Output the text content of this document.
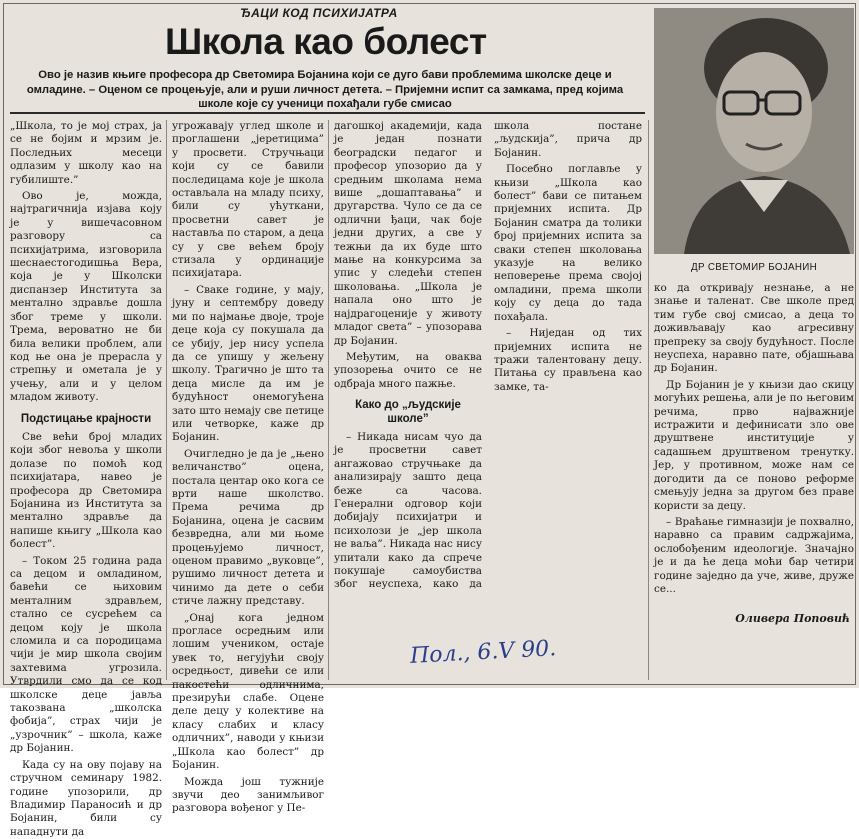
ЂАЦИ КОД ПСИХИЈАТРА
Школа као болест
Ово је назив књиге професора др Светомира Бојанина који се дуго бави проблемима школске деце и омладине. – Оценом се процењује, али и руши личност детета. – Пријемни испит са замкама, пред којима школе које су ученици похађали губе смисао

„Школа, то је мој страх, ја се не бојим и мрзим је. Последњих месеци одлазим у школу као на губилиште.”

Ово је, можда, најтрагичнија изјава коју је у вишечасовном разговору са психијатрима, изговорила шеснаестогодишња Вера, која је у Школски диспанзер Института за ментално здравље дошла због треме у школи. Трема, вероватно не би била велики проблем, али код ње она је прерасла у стрепњу и ометала је у учењу, али и у целом младом животу.

Подстицање крајности

Све већи број младих који због невоља у школи долазе по помоћ код психијатара, навео је професора др Светомира Бојанина из Института за ментално здравље да напише књигу „Школа као болест”.

– Током 25 година рада са децом и омладином, бавећи се њиховим менталним здрављем, стално се сусрећем са децом коју је школа сломила и са породицама чији је мир школа својим захтевима угрозила. Утврдили смо да се код школске деце јавља такозвана „школска фобија”, страх чији је „узрочник” – школа, каже др Бојанин.

Када су на ову појаву на стручном семинару 1982. године упозорили, др Владимир Параносић и др Бојанин, били су нападнути да

угрожавају углед школе и проглашени „јеретицима” у просвети. Стручњаци који су се бавили последицама које је школа остављала на младу психу, били су ућуткани, просветни савет је наставља по старом, а деца су у све већем броју стизала у ординације психијатара.

– Сваке године, у мају, јуну и септембру доведу ми по најмање двоје, троје деце која су покушала да се убију, јер нису успела да се упишу у жељену школу. Трагично је што та деца мисле да им је будућност онемогућена зато што немају све петице или четворке, каже др Бојанин.

Очигледно је да је „њено величанство” оцена, постала центар око кога се врти наше школство. Према речима др Бојанина, оцена је сасвим безвредна, али ми њоме процењујемо личност, оценом правимо „вуковце”, рушимо личност детета и чинимо да дете о себи стиче лажну представу.

„Онај кога једном прогласе осредњим или лошим учеником, остаје увек то, негујући своју осредњост, дивећи се или пакостећи одличнима, презирући слабе. Оцене деле децу у колективе на класу слабих и класу одличних”, наводи у књизи „Школа као болест” др Бојанин.

Можда још тужније звучи део занимљивог разговора вођеног у Пе-

дагошкој академији, када је један познати београдски педагог и професор упозорио да у средњим школама нема више „дошаптавања” и другарства. Чуло се да се одлични ђаци, чак боје једни других, а све у тежњи да их буде што мање на конкурсима за упис у следећи степен школовања. „Школа је напала оно што је најдрагоценије у животу младог света” – упозорава др Бојанин.

Међутим, на оваква упозорења очито се не одбраја много пажње.

Како до „људскије школе”

– Никада нисам чуо да је просветни савет ангажовао стручњаке да анализирају зашто деца беже са часова. Генерални одговор који добијају психијатри и психолози је „јер школа не ваља”. Никада нас нису упитали како да спрече покушаје самоубиства због неуспеха, како да школа постане „људскија”, прича др Бојанин.

Посебно поглавље у књизи „Школа као болест” бави се питањем пријемних испита. Др Бојанин сматра да толики број пријемних испита за сваки степен школовања указује на велико неповерење према својој омладини, према школи коју су деца до тада похађала.

– Ниједан од тих пријемних испита не тражи талентовану децу. Питања су прављена као замке, та-

ДР СВЕТОМИР БОЈАНИН

ко да откривају незнање, а не знање и таленат. Све школе пред тим губе свој смисао, а деца то доживљавају као агресивну препреку за своју будућност. После неуспеха, наравно пате, објашњава др Бојанин.

Др Бојанин је у књизи дао скицу могућих решења, али је по његовим речима, прво најважније истражити и дефинисати зло ове друштвене институције у садашњем друштвеном тренутку. Јер, у противном, може нам се догодити да се поново реформе смењују једна за другом без праве користи за децу.

– Враћање гимназији је похвално, наравно са правим садржајима, ослобођеним идеологије. Значајно је и да ће деца моћи бар четири године заједно да уче, живе, друже се...

Оливера Поповић
Пол., 6.V 90.
